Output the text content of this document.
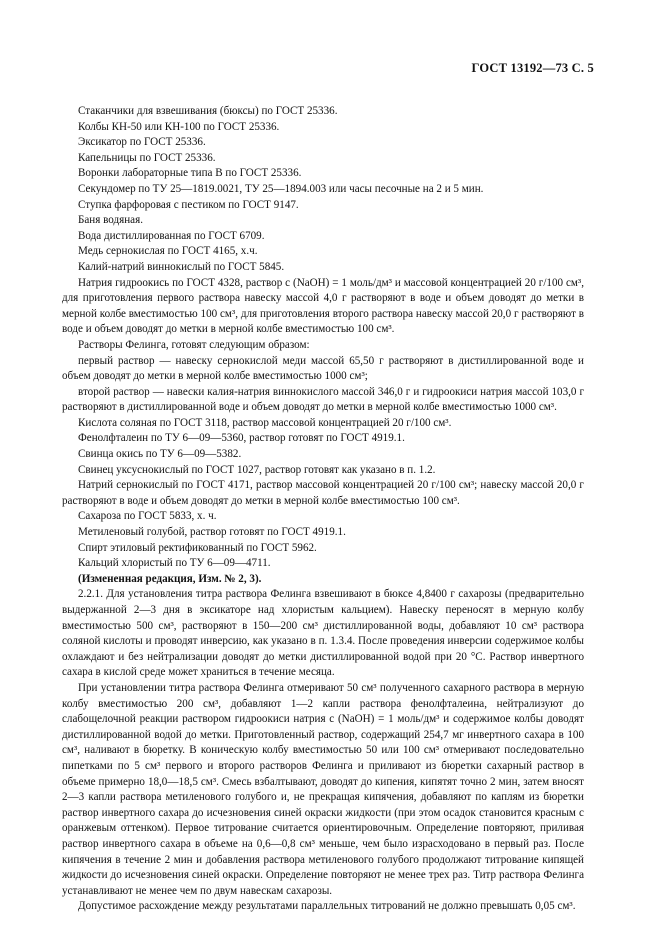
ГОСТ 13192—73 С. 5

Стаканчики для взвешивания (бюксы) по ГОСТ 25336.

Колбы КН-50 или КН-100 по ГОСТ 25336.

Эксикатор по ГОСТ 25336.

Капельницы по ГОСТ 25336.

Воронки лабораторные типа В по ГОСТ 25336.

Секундомер по ТУ 25—1819.0021, ТУ 25—1894.003 или часы песочные на 2 и 5 мин.

Ступка фарфоровая с пестиком по ГОСТ 9147.

Баня водяная.

Вода дистиллированная по ГОСТ 6709.

Медь сернокислая по ГОСТ 4165, х.ч.

Калий-натрий виннокислый по ГОСТ 5845.

Натрия гидроокись по ГОСТ 4328, раствор с (NaOH) = 1 моль/дм³ и массовой концентрацией 20 г/100 см³, для приготовления первого раствора навеску массой 4,0 г растворяют в воде и объем доводят до метки в мерной колбе вместимостью 100 см³, для приготовления второго раствора навеску массой 20,0 г растворяют в воде и объем доводят до метки в мерной колбе вместимостью 100 см³.

Растворы Фелинга, готовят следующим образом:

первый раствор — навеску сернокислой меди массой 65,50 г растворяют в дистиллированной воде и объем доводят до метки в мерной колбе вместимостью 1000 см³;

второй раствор — навески калия-натрия виннокислого массой 346,0 г и гидроокиси натрия массой 103,0 г растворяют в дистиллированной воде и объем доводят до метки в мерной колбе вместимостью 1000 см³.

Кислота соляная по ГОСТ 3118, раствор массовой концентрацией 20 г/100 см³.

Фенолфталеин по ТУ 6—09—5360, раствор готовят по ГОСТ 4919.1.

Свинца окись по ТУ 6—09—5382.

Свинец уксуснокислый по ГОСТ 1027, раствор готовят как указано в п. 1.2.

Натрий сернокислый по ГОСТ 4171, раствор массовой концентрацией 20 г/100 см³; навеску массой 20,0 г растворяют в воде и объем доводят до метки в мерной колбе вместимостью 100 см³.

Сахароза по ГОСТ 5833, х. ч.

Метиленовый голубой, раствор готовят по ГОСТ 4919.1.

Спирт этиловый ректификованный по ГОСТ 5962.

Кальций хлористый по ТУ 6—09—4711.

(Измененная редакция, Изм. № 2, 3).

2.2.1. Для установления титра раствора Фелинга взвешивают в бюксе 4,8400 г сахарозы (предварительно выдержанной 2—3 дня в эксикаторе над хлористым кальцием). Навеску переносят в мерную колбу вместимостью 500 см³, растворяют в 150—200 см³ дистиллированной воды, добавляют 10 см³ раствора соляной кислоты и проводят инверсию, как указано в п. 1.3.4. После проведения инверсии содержимое колбы охлаждают и без нейтрализации доводят до метки дистиллированной водой при 20 °С. Раствор инвертного сахара в кислой среде может храниться в течение месяца.

При установлении титра раствора Фелинга отмеривают 50 см³ полученного сахарного раствора в мерную колбу вместимостью 200 см³, добавляют 1—2 капли раствора фенолфталеина, нейтрализуют до слабощелочной реакции раствором гидроокиси натрия с (NaOH) = 1 моль/дм³ и содержимое колбы доводят дистиллированной водой до метки. Приготовленный раствор, содержащий 254,7 мг инвертного сахара в 100 см³, наливают в бюретку. В коническую колбу вместимостью 50 или 100 см³ отмеривают последовательно пипетками по 5 см³ первого и второго растворов Фелинга и приливают из бюретки сахарный раствор в объеме примерно 18,0—18,5 см³. Смесь взбалтывают, доводят до кипения, кипятят точно 2 мин, затем вносят 2—3 капли раствора метиленового голубого и, не прекращая кипячения, добавляют по каплям из бюретки раствор инвертного сахара до исчезновения синей окраски жидкости (при этом осадок становится красным с оранжевым оттенком). Первое титрование считается ориентировочным. Определение повторяют, приливая раствор инвертного сахара в объеме на 0,6—0,8 см³ меньше, чем было израсходовано в первый раз. После кипячения в течение 2 мин и добавления раствора метиленового голубого продолжают титрование кипящей жидкости до исчезновения синей окраски. Определение повторяют не менее трех раз. Титр раствора Фелинга устанавливают не менее чем по двум навескам сахарозы.

Допустимое расхождение между результатами параллельных титрований не должно превышать 0,05 см³.
